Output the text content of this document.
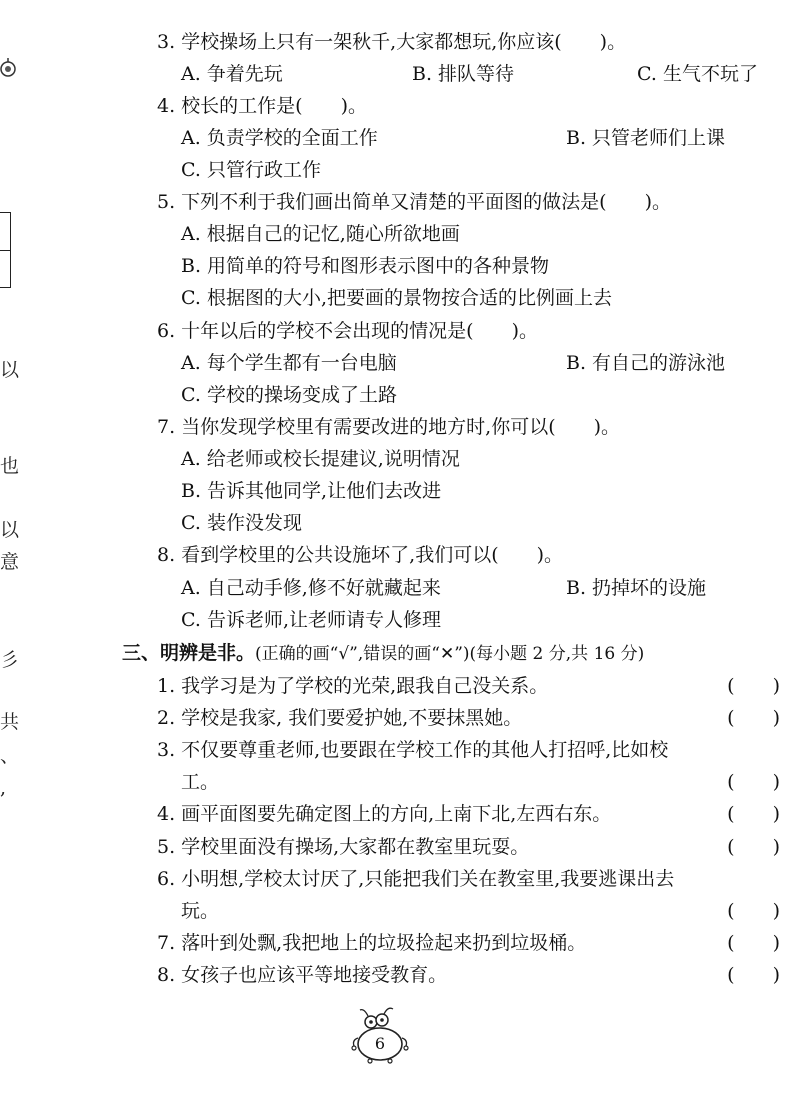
以
也
以
意
彡
共
、
,
3. 学校操场上只有一架秋千,大家都想玩,你应该(　　)。
A. 争着先玩	B. 排队等待	C. 生气不玩了
4. 校长的工作是(　　)。
A. 负责学校的全面工作	B. 只管老师们上课
C. 只管行政工作
5. 下列不利于我们画出简单又清楚的平面图的做法是(　　)。
A. 根据自己的记忆,随心所欲地画
B. 用简单的符号和图形表示图中的各种景物
C. 根据图的大小,把要画的景物按合适的比例画上去
6. 十年以后的学校不会出现的情况是(　　)。
A. 每个学生都有一台电脑	B. 有自己的游泳池
C. 学校的操场变成了土路
7. 当你发现学校里有需要改进的地方时,你可以(　　)。
A. 给老师或校长提建议,说明情况
B. 告诉其他同学,让他们去改进
C. 装作没发现
8. 看到学校里的公共设施坏了,我们可以(　　)。
A. 自己动手修,修不好就藏起来	B. 扔掉坏的设施
C. 告诉老师,让老师请专人修理
三、明辨是非。(正确的画“√”,错误的画“✕”)(每小题 2 分,共 16 分)
1. 我学习是为了学校的光荣,跟我自己没关系。	(　　)
2. 学校是我家, 我们要爱护她,不要抹黑她。	(　　)
3. 不仅要尊重老师,也要跟在学校工作的其他人打招呼,比如校
工。	(　　)
4. 画平面图要先确定图上的方向,上南下北,左西右东。	(　　)
5. 学校里面没有操场,大家都在教室里玩耍。	(　　)
6. 小明想,学校太讨厌了,只能把我们关在教室里,我要逃课出去
玩。	(　　)
7. 落叶到处飘,我把地上的垃圾捡起来扔到垃圾桶。	(　　)
8. 女孩子也应该平等地接受教育。	(　　)
6
